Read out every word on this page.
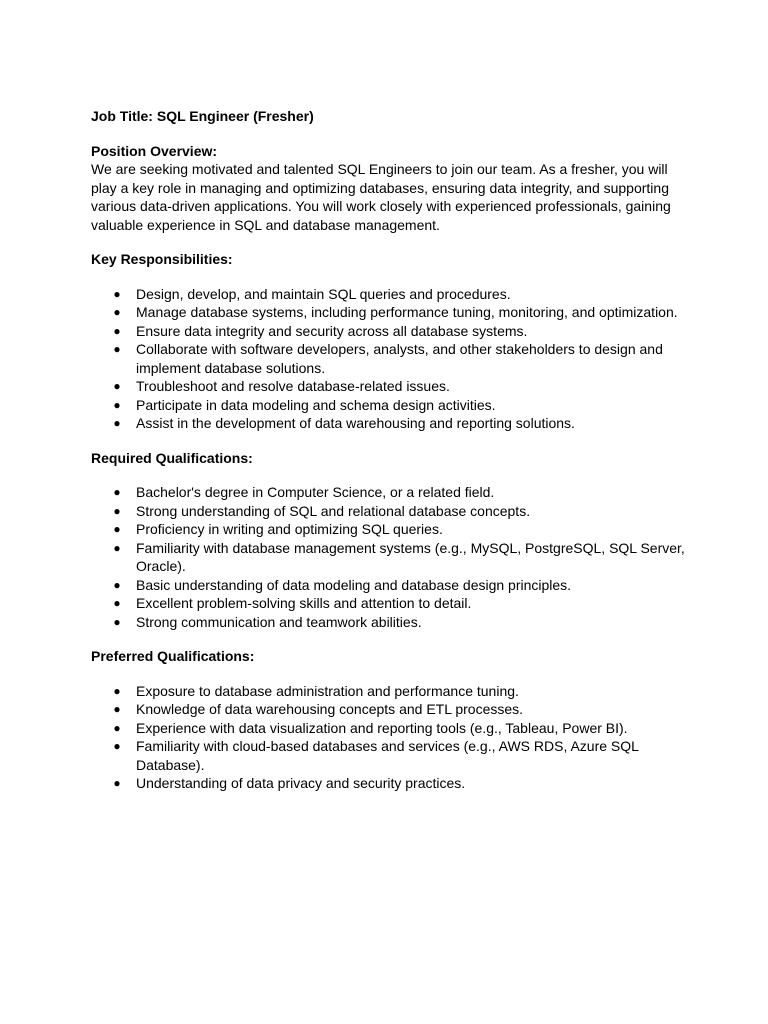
Job Title: SQL Engineer (Fresher)

Position Overview:

We are seeking motivated and talented SQL Engineers to join our team. As a fresher, you will play a key role in managing and optimizing databases, ensuring data integrity, and supporting various data-driven applications. You will work closely with experienced professionals, gaining valuable experience in SQL and database management.

Key Responsibilities:

● Design, develop, and maintain SQL queries and procedures.
● Manage database systems, including performance tuning, monitoring, and optimization.
● Ensure data integrity and security across all database systems.
● Collaborate with software developers, analysts, and other stakeholders to design and implement database solutions.
● Troubleshoot and resolve database-related issues.
● Participate in data modeling and schema design activities.
● Assist in the development of data warehousing and reporting solutions.

Required Qualifications:

● Bachelor's degree in Computer Science, or a related field.
● Strong understanding of SQL and relational database concepts.
● Proficiency in writing and optimizing SQL queries.
● Familiarity with database management systems (e.g., MySQL, PostgreSQL, SQL Server, Oracle).
● Basic understanding of data modeling and database design principles.
● Excellent problem-solving skills and attention to detail.
● Strong communication and teamwork abilities.

Preferred Qualifications:

● Exposure to database administration and performance tuning.
● Knowledge of data warehousing concepts and ETL processes.
● Experience with data visualization and reporting tools (e.g., Tableau, Power BI).
● Familiarity with cloud-based databases and services (e.g., AWS RDS, Azure SQL Database).
● Understanding of data privacy and security practices.
